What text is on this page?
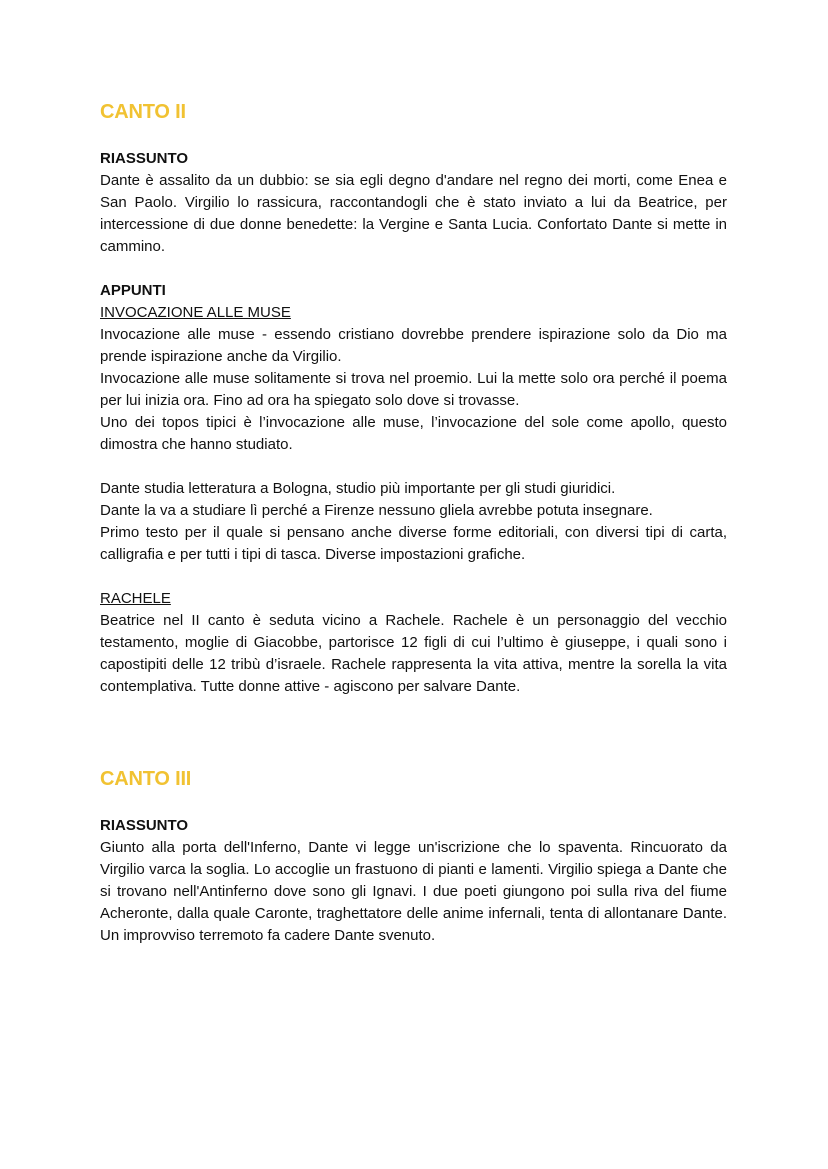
CANTO II

RIASSUNTO

Dante è assalito da un dubbio: se sia egli degno d'andare nel regno dei morti, come Enea e San Paolo. Virgilio lo rassicura, raccontandogli che è stato inviato a lui da Beatrice, per intercessione di due donne benedette: la Vergine e Santa Lucia. Confortato Dante si mette in cammino.

APPUNTI

INVOCAZIONE ALLE MUSE

Invocazione alle muse - essendo cristiano dovrebbe prendere ispirazione solo da Dio ma prende ispirazione anche da Virgilio.

Invocazione alle muse solitamente si trova nel proemio. Lui la mette solo ora perché il poema per lui inizia ora. Fino ad ora ha spiegato solo dove si trovasse.

Uno dei topos tipici è l’invocazione alle muse, l’invocazione del sole come apollo, questo dimostra che hanno studiato.

Dante studia letteratura a Bologna, studio più importante per gli studi giuridici.

Dante la va a studiare lì perché a Firenze nessuno gliela avrebbe potuta insegnare.

Primo testo per il quale si pensano anche diverse forme editoriali, con diversi tipi di carta, calligrafia e per tutti i tipi di tasca. Diverse impostazioni grafiche.

RACHELE

Beatrice nel II canto è seduta vicino a Rachele. Rachele è un personaggio del vecchio testamento, moglie di Giacobbe, partorisce 12 figli di cui l’ultimo è giuseppe, i quali sono i capostipiti delle 12 tribù d’israele. Rachele rappresenta la vita attiva, mentre la sorella la vita contemplativa. Tutte donne attive - agiscono per salvare Dante.

CANTO III

RIASSUNTO

Giunto alla porta dell'Inferno, Dante vi legge un'iscrizione che lo spaventa. Rincuorato da Virgilio varca la soglia. Lo accoglie un frastuono di pianti e lamenti. Virgilio spiega a Dante che si trovano nell'Antinferno dove sono gli Ignavi. I due poeti giungono poi sulla riva del fiume Acheronte, dalla quale Caronte, traghettatore delle anime infernali, tenta di allontanare Dante. Un improvviso terremoto fa cadere Dante svenuto.
